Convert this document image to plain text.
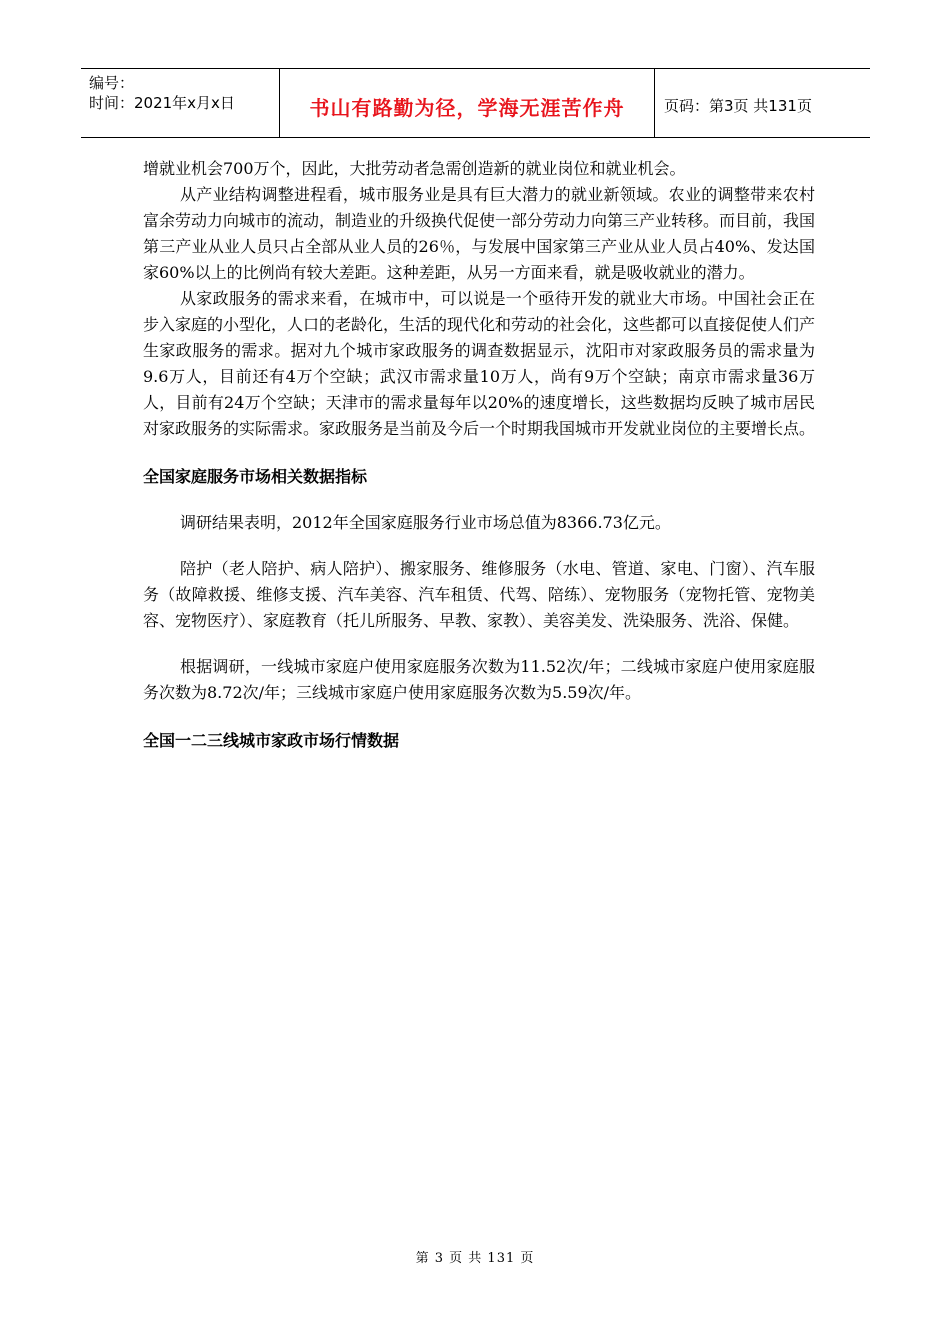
编号：
时间：2021年x月x日	书山有路勤为径，学海无涯苦作舟	页码：第3页 共131页

增就业机会700万个，因此，大批劳动者急需创造新的就业岗位和就业机会。

从产业结构调整进程看，城市服务业是具有巨大潜力的就业新领域。农业的调整带来农村富余劳动力向城市的流动，制造业的升级换代促使一部分劳动力向第三产业转移。而目前，我国第三产业从业人员只占全部从业人员的26％，与发展中国家第三产业从业人员占40%、发达国家60%以上的比例尚有较大差距。这种差距，从另一方面来看，就是吸收就业的潜力。

从家政服务的需求来看，在城市中，可以说是一个亟待开发的就业大市场。中国社会正在步入家庭的小型化，人口的老龄化，生活的现代化和劳动的社会化，这些都可以直接促使人们产生家政服务的需求。据对九个城市家政服务的调查数据显示，沈阳市对家政服务员的需求量为9.6万人，目前还有4万个空缺；武汉市需求量10万人，尚有9万个空缺；南京市需求量36万人，目前有24万个空缺；天津市的需求量每年以20%的速度增长，这些数据均反映了城市居民对家政服务的实际需求。家政服务是当前及今后一个时期我国城市开发就业岗位的主要增长点。

全国家庭服务市场相关数据指标

调研结果表明，2012年全国家庭服务行业市场总值为8366.73亿元。

陪护（老人陪护、病人陪护）、搬家服务、维修服务（水电、管道、家电、门窗）、汽车服务（故障救援、维修支援、汽车美容、汽车租赁、代驾、陪练）、宠物服务（宠物托管、宠物美容、宠物医疗）、家庭教育（托儿所服务、早教、家教）、美容美发、洗染服务、洗浴、保健。

根据调研，一线城市家庭户使用家庭服务次数为11.52次/年；二线城市家庭户使用家庭服务次数为8.72次/年；三线城市家庭户使用家庭服务次数为5.59次/年。

全国一二三线城市家政市场行情数据

第 3 页 共 131 页
